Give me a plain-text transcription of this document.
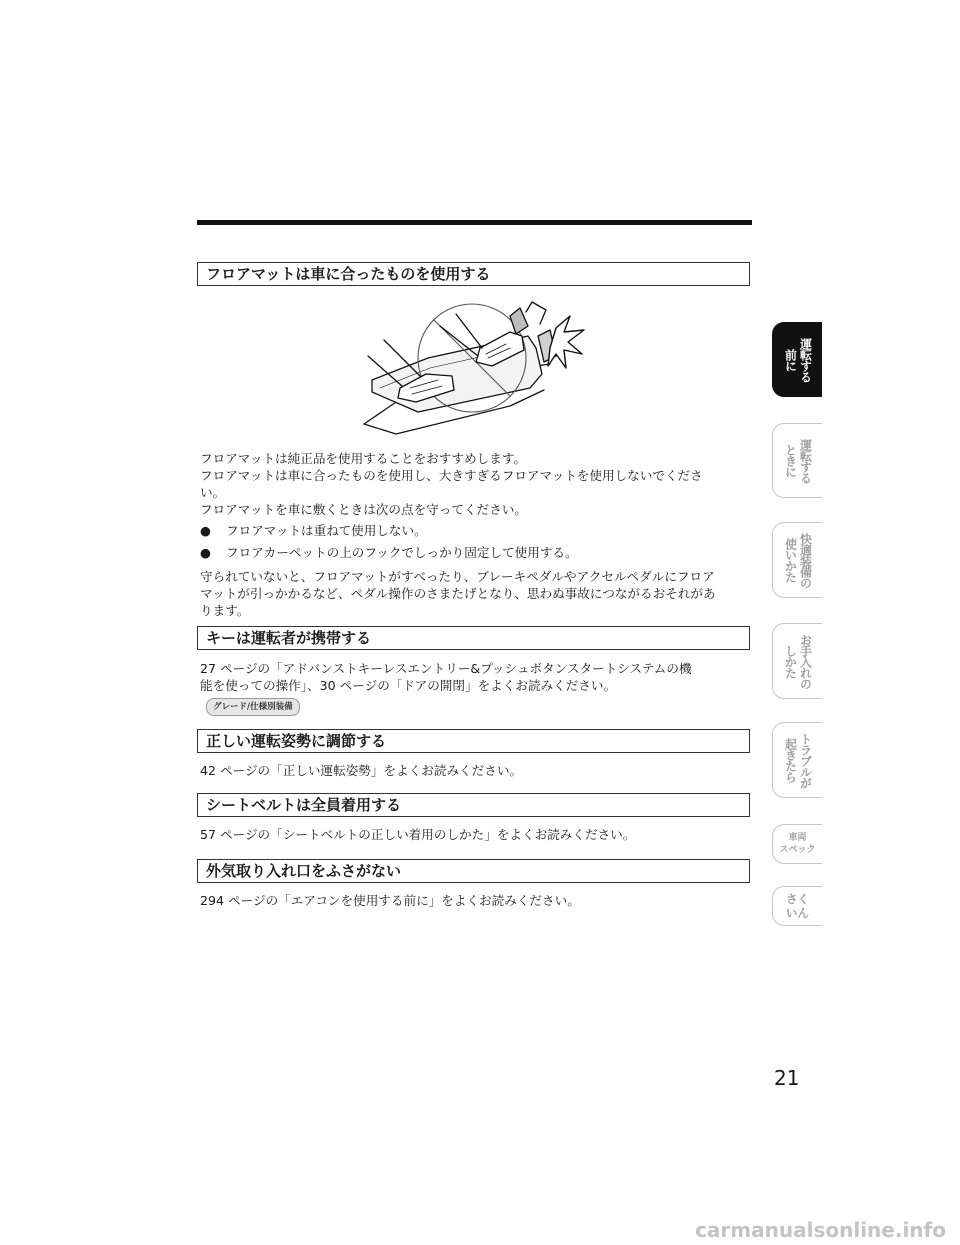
フロアマットは車に合ったものを使用する
フロアマットは純正品を使用することをおすすめします。
フロアマットは車に合ったものを使用し、大きすぎるフロアマットを使用しないでくださ
い。
フロアマットを車に敷くときは次の点を守ってください。
● フロアマットは重ねて使用しない。
● フロアカーペットの上のフックでしっかり固定して使用する。
守られていないと、フロアマットがすべったり、ブレーキペダルやアクセルペダルにフロア
マットが引っかかるなど、ペダル操作のさまたげとなり、思わぬ事故につながるおそれがあ
ります。
キーは運転者が携帯する
27 ページの「アドバンストキーレスエントリー&プッシュボタンスタートシステムの機
能を使っての操作」、30 ページの「ドアの開閉」をよくお読みください。
グレード/仕様別装備
正しい運転姿勢に調節する
42 ページの「正しい運転姿勢」をよくお読みください。
シートベルトは全員着用する
57 ページの「シートベルトの正しい着用のしかた」をよくお読みください。
外気取り入れ口をふさがない
294 ページの「エアコンを使用する前に」をよくお読みください。
21
運転する
前に
運転する
ときに
快適装備の
使いかた
お手入れの
しかた
トラブルが
起きたら
車両
スペック
さく
いん
carmanualsonline.info
